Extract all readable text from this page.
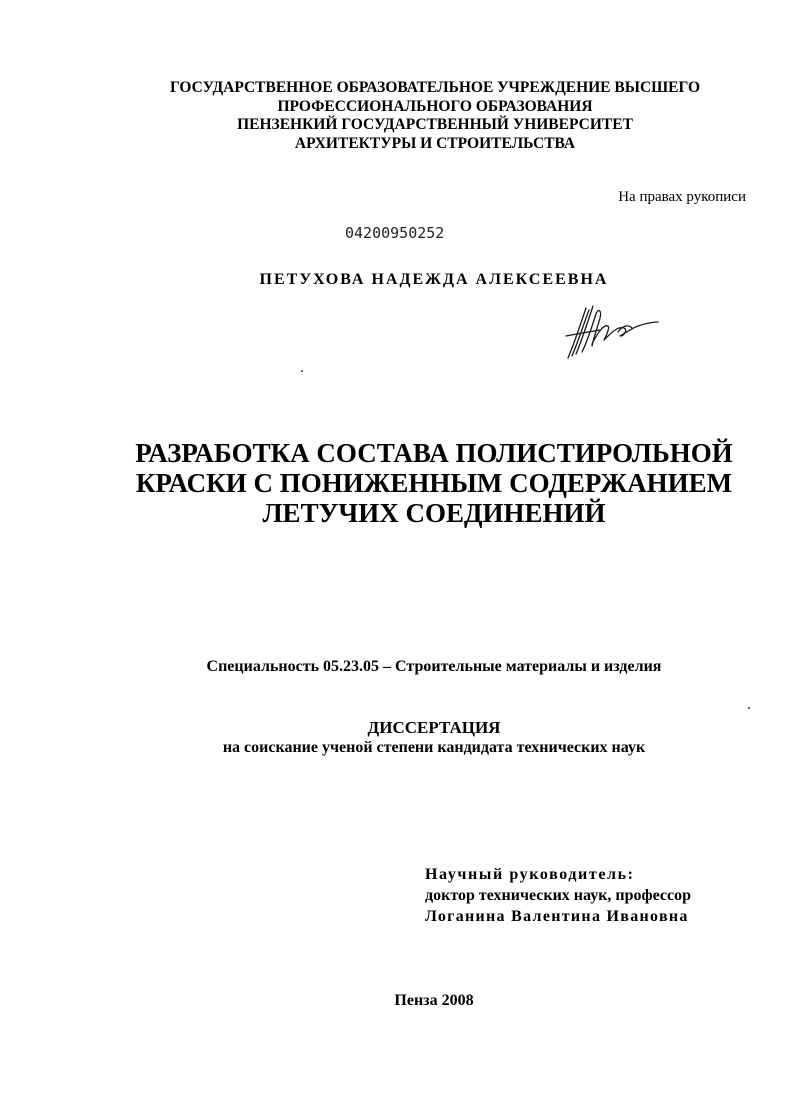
ГОСУДАРСТВЕННОЕ ОБРАЗОВАТЕЛЬНОЕ УЧРЕЖДЕНИЕ ВЫСШЕГО
ПРОФЕССИОНАЛЬНОГО ОБРАЗОВАНИЯ
ПЕНЗЕНКИЙ ГОСУДАРСТВЕННЫЙ УНИВЕРСИТЕТ
АРХИТЕКТУРЫ И СТРОИТЕЛЬСТВА
На правах рукописи
04200950252
ПЕТУХОВА НАДЕЖДА АЛЕКСЕЕВНА
РАЗРАБОТКА СОСТАВА ПОЛИСТИРОЛЬНОЙ
КРАСКИ С ПОНИЖЕННЫМ СОДЕРЖАНИЕМ
ЛЕТУЧИХ СОЕДИНЕНИЙ
Специальность 05.23.05 – Строительные материалы и изделия
ДИССЕРТАЦИЯ
на соискание ученой степени кандидата технических наук
Научный руководитель:
доктор технических наук, профессор
Логанина Валентина Ивановна
Пенза 2008
